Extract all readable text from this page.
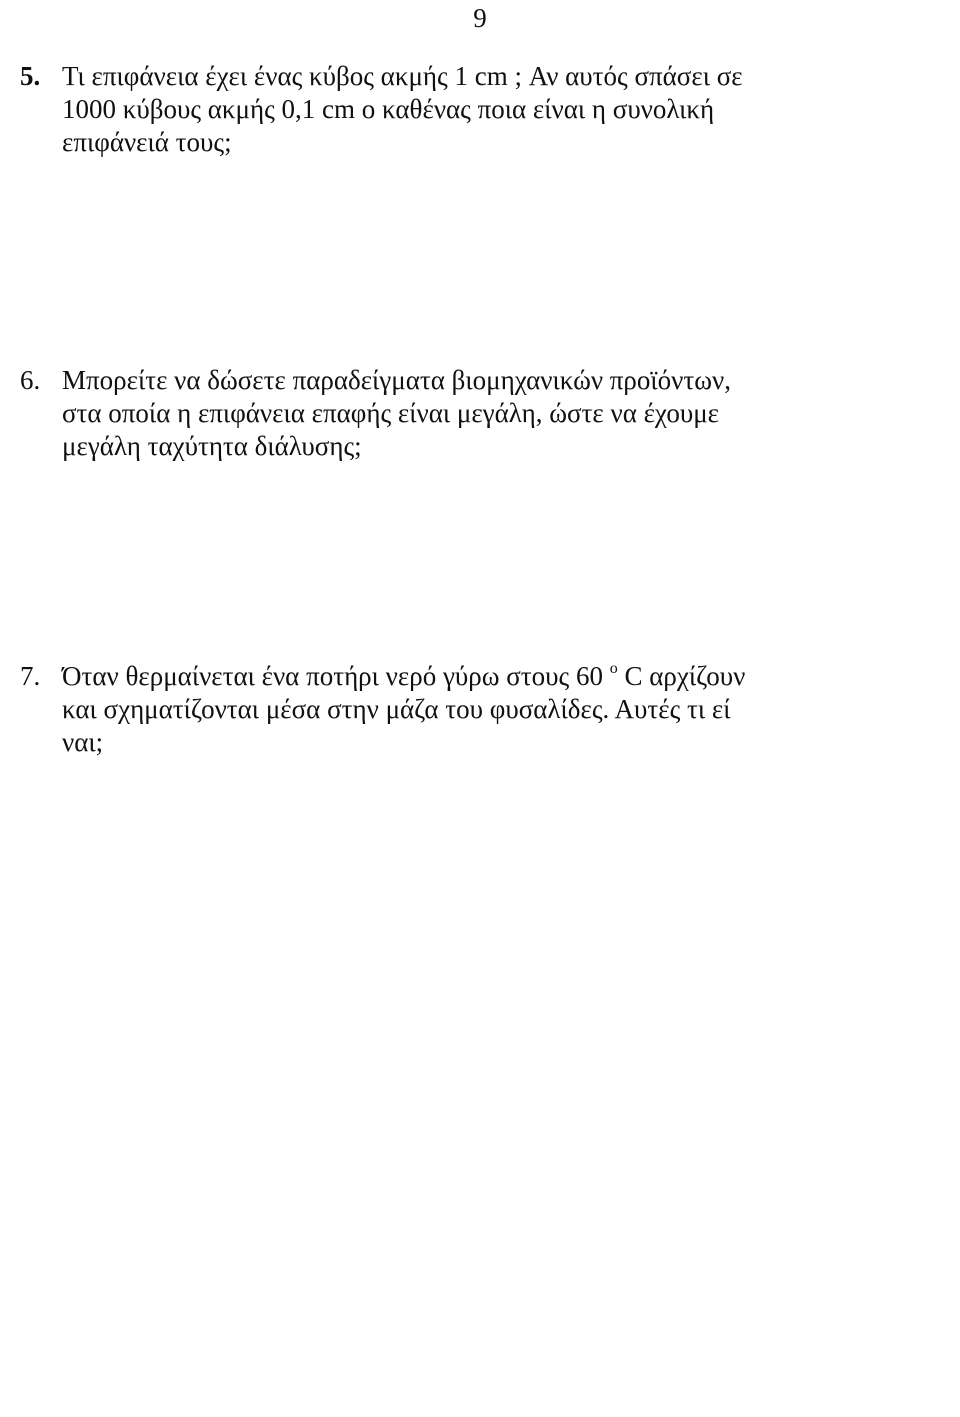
9
5. Τι επιφάνεια έχει ένας κύβος ακμής 1 cm ; Αν αυτός σπάσει σε

1000 κύβους ακμής 0,1 cm ο καθένας ποια είναι η συνολική
επιφάνειά τους;

6. Μπορείτε να δώσετε παραδείγματα βιομηχανικών προϊόντων,

στα οποία η επιφάνεια επαφής είναι μεγάλη, ώστε να έχουμε
μεγάλη ταχύτητα διάλυσης;

7. Όταν θερμαίνεται ένα ποτήρι νερό γύρω στους 60 $^o$ C αρχίζουν

και σχηματίζονται μέσα στην μάζα του φυσαλίδες. Αυτές τι εί
ναι;
